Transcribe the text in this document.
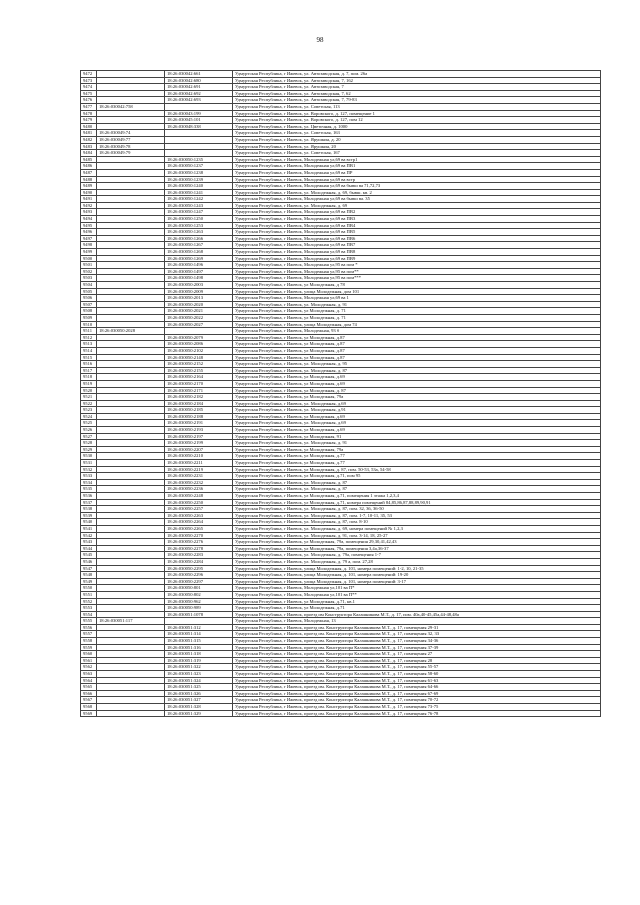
98
9472		18:26:030042:661	Удмуртская Республика, г Ижевск, ул. Автозаводская, д. 7, пом. 26а
9473		18:26:030042:680	Удмуртская Республика, г Ижевск, ул. Автозаводская, 7, 162
9474		18:26:030042:691	Удмуртская Республика, г Ижевск, ул. Автозаводская, 7
9475		18:26:030042:692	Удмуртская Республика, г Ижевск, ул. Автозаводская, 7, 62
9476		18:26:030042:693	Удмуртская Республика, г Ижевск, ул. Автозаводская, 7, 79-83
9477	18:26:030042:758		Удмуртская Республика, г Ижевск, ул. Советская, 113
9478		18:26:030043:199	Удмуртская Республика, г Ижевск, ул. Воровского, д. 127, помещение 1
9479		18:26:030045:101	Удмуртская Республика, г Ижевск, ул. Воровского, д. 127, пом 12
9480		18:26:030048:338	Удмуртская Республика, г Ижевск, ул. Цветочная, д. 1000
9481	18:26:030049:74		Удмуртская Республика, г Ижевск, ул. Советская, 163
9482	18:26:030049:77		Удмуртская Республика, г Ижевск, ул. Ярушкин, д. 20
9483	18:26:030049:78		Удмуртская Республика, г Ижевск, ул. Ярушкин, 20
9484	18:26:030049:79		Удмуртская Республика, г Ижевск, ул. Советская, 167
9485		18:26:030050:1235	Удмуртская Республика, г Ижевск, Молодежная ул,69 ва встр1
9486		18:26:030050:1237	Удмуртская Республика, г Ижевск, Молодежная ул,69 ва ПВ1
9487		18:26:030050:1238	Удмуртская Республика, г Ижевск, Молодежная ул,69 ва ПР
9488		18:26:030050:1239	Удмуртская Республика, г Ижевск, Молодежная ул,69 ва встр
9489		18:26:030050:1240	Удмуртская Республика, г Ижевск, Молодежная ул,69 ва бывш ва 71,72,73
9490		18:26:030050:1241	Удмуртская Республика, г Ижевск, ул. Молодежная, д. 69, бывш. кв. 2
9491		18:26:030050:1242	Удмуртская Республика, г Ижевск, Молодежная ул,69 ва бывш ва. 35
9492		18:26:030050:1243	Удмуртская Республика, г Ижевск, ул. Молодежная, д. 69
9493		18:26:030050:1247	Удмуртская Республика, г Ижевск, Молодежная ул,69 ва ПВ2
9494		18:26:030050:1250	Удмуртская Республика, г Ижевск, Молодежная ул,69 ва ПВ3
9495		18:26:030050:1253	Удмуртская Республика, г Ижевск, Молодежная ул,69 ва ПВ4
9496		18:26:030050:1263	Удмуртская Республика, г Ижевск, Молодежная ул,69 ва ПВ5
9497		18:26:030050:1266	Удмуртская Республика, г Ижевск, Молодежная ул,69 ва ПВ6
9498		18:26:030050:1267	Удмуртская Республика, г Ижевск, Молодежная ул,69 ва ПВ7
9499		18:26:030050:1268	Удмуртская Республика, г Ижевск, Молодежная ул,69 ва ПВ8
9500		18:26:030050:1269	Удмуртская Республика, г Ижевск, Молодежная ул,69 ва ПВ9
9501		18:26:030050:1496	Удмуртская Республика, г Ижевск, Молодежная ул,95 ва пом *
9502		18:26:030050:1497	Удмуртская Республика, г Ижевск, Молодежная ул,95 ва пом**
9503		18:26:030050:1498	Удмуртская Республика, г Ижевск, Молодежная ул,95 ва пом***
9504		18:26:030050:2003	Удмуртская Республика, г Ижевск, ул Молодежная, д 78
9505		18:26:030050:2009	Удмуртская Республика, г Ижевск, улица Молодежная, дом 101
9506		18:26:030050:2013	Удмуртская Республика, г Ижевск, Молодежная ул,69 ва 1
9507		18:26:030050:2020	Удмуртская Республика, г Ижевск, ул. Молодежная, д. 91
9508		18:26:030050:2021	Удмуртская Республика, г Ижевск, ул Молодежная, д. 71
9509		18:26:030050:2022	Удмуртская Республика, г Ижевск, ул Молодежная, д. 71
9510		18:26:030050:2027	Удмуртская Республика, г Ижевск, улица Молодежная, дом 74
9511	18:26:030050:2028		Удмуртская Республика, г Ижевск, Молодежная, 93 б
9512		18:26:030050:2079	Удмуртская Республика, г Ижевск, ул Молодежная, д.87
9513		18:26:030050:2086	Удмуртская Республика, г Ижевск, ул Молодежная, д.87
9514		18:26:030050:2102	Удмуртская Республика, г Ижевск, ул Молодежная, д.87
9515		18:26:030050:2148	Удмуртская Республика, г Ижевск, ул Молодежная, д.87
9516		18:26:030050:2152	Удмуртская Республика, г Ижевск, ул. Молодежная, д. 95
9517		18:26:030050:2155	Удмуртская Республика, г Ижевск, ул. Молодежная, д. 87
9518		18:26:030050:2164	Удмуртская Республика, г Ижевск, ул Молодежная, д.69
9519		18:26:030050:2170	Удмуртская Республика, г Ижевск, ул Молодежная, д.69
9520		18:26:030050:2171	Удмуртская Республика, г Ижевск, ул Молодежная, д. 87
9521		18:26:030050:2182	Удмуртская Республика, г Ижевск, ул Молодежная, 79а
9522		18:26:030050:2184	Удмуртская Республика, г Ижевск, ул. Молодежная, д.69
9523		18:26:030050:2185	Удмуртская Республика, г Ижевск, ул. Молодежная, д.91
9524		18:26:030050:2188	Удмуртская Республика, г Ижевск, ул Молодежная, д.69
9525		18:26:030050:2191	Удмуртская Республика, г Ижевск, ул. Молодежная, д.69
9526		18:26:030050:2193	Удмуртская Республика, г Ижевск, ул Молодежная, д.69
9527		18:26:030050:2197	Удмуртская Республика, г Ижевск, ул Молодежная, 91
9528		18:26:030050:2199	Удмуртская Республика, г Ижевск, ул. Молодежная, д. 91
9529		18:26:030050:2207	Удмуртская Республика, г Ижевск, ул Молодежная, 79а
9530		18:26:030050:2210	Удмуртская Республика, г Ижевск, ул Молодежная, д.77
9531		18:26:030050:2211	Удмуртская Республика, г Ижевск, ул Молодежная, д.77
9532		18:26:030050:2219	Удмуртская Республика, г Ижевск, ул Молодежная, д. 87, пом. 50-53, 53а, 54-58
9533		18:26:030050:2231	Удмуртская Республика, г Ижевск, ул Молодежная, д.71, пом 95
9534		18:26:030050:2232	Удмуртская Республика, г Ижевск, ул. Молодежная, д. 87
9535		18:26:030050:2236	Удмуртская Республика, г Ижевск, ул. Молодежная, д. 87
9536		18:26:030050:2248	Удмуртская Республика, г Ижевск, ул Молодежная, д.71, помещения 1 этажа 1,2,3,4
9537		18:26:030050:2250	Удмуртская Республика, г Ижевск, ул Молодежная, д.71, номера помещений 84,85,86,87,88,89,90,91
9538		18:26:030050:2257	Удмуртская Республика, г Ижевск, ул. Молодежная, д. 87, пом. 32, 36, 36-50
9539		18:26:030050:2263	Удмуртская Республика, г Ижевск, ул. Молодежная, д. 87, пом. 1-7, 10-11, 35, 53
9540		18:26:030050:2264	Удмуртская Республика, г Ижевск, ул. Молодежная, д. 87, пом. 8-10
9541		18:26:030050:2265	Удмуртская Республика, г Ижевск, ул. Молодежная, д. 69, номера помещений № 1,2,3
9542		18:26:030050:2270	Удмуртская Республика, г Ижевск, ул. Молодежная, д. 91, пом. 3-14, 18, 25-27
9543		18:26:030050:2276	Удмуртская Республика, г Ижевск, ул Молодежная, 79а, помещения 29,30,41,42,43
9544		18:26:030050:2278	Удмуртская Республика, г Ижевск, ул Молодежная, 79а, помещения 3,4а,36-37
9545		18:26:030050:2283	Удмуртская Республика, г Ижевск, ул. Молодежная, д. 79а, помещения 1-7
9546		18:26:030050:2284	Удмуртская Республика, г Ижевск, ул. Молодежная, д. 79 а, пом. 27,28
9547		18:26:030050:2295	Удмуртская Республика, г Ижевск, улица Молодежная, д. 101, номера помещений: 1-2, 10, 21-35
9548		18:26:030050:2296	Удмуртская Республика, г Ижевск, улица Молодежная, д. 101, номера помещений: 19-20
9549		18:26:030050:2297	Удмуртская Республика, г Ижевск, улица Молодежная, д. 101, номера помещений: 3-17
9550		18:26:030050:801	Удмуртская Республика, г Ижевск, Молодежная ул,101 ва П*
9551		18:26:030050:802	Удмуртская Республика, г Ижевск, Молодежная ул,101 ва П**
9552		18:26:030050:962	Удмуртская Республика, г Ижевск, ул Молодежная, д.71, кв.1
9553		18:26:030050:989	Удмуртская Республика, г Ижевск, ул Молодежная, д.71
9554		18:26:030051:1078	Удмуртская Республика, г Ижевск, проезд им Конструктора Калашникова М.Т., д. 17, пом. 40а,40-45,45а,44-48,48а
9555	18:26:030051:117		Удмуртская Республика, г Ижевск, Молодежная, 13
9556		18:26:030051:312	Удмуртская Республика, г Ижевск, проезд им. Конструктора Калашникова М.Т., д. 17, помещения 29-31
9557		18:26:030051:314	Удмуртская Республика, г Ижевск, проезд им. Конструктора Калашникова М.Т., д. 17, помещения 32, 33
9558		18:26:030051:315	Удмуртская Республика, г Ижевск, проезд им. Конструктора Калашникова М.Т., д. 17, помещения 34-36
9559		18:26:030051:316	Удмуртская Республика, г Ижевск, проезд им. Конструктора Калашникова М.Т., д. 17, помещения 37-39
9560		18:26:030051:318	Удмуртская Республика, г Ижевск, проезд им. Конструктора Калашникова М.Т., д. 17, помещения 27
9561		18:26:030051:319	Удмуртская Республика, г Ижевск, проезд им. Конструктора Калашникова М.Т., д. 17, помещения 28
9562		18:26:030051:322	Удмуртская Республика, г Ижевск, проезд им. Конструктора Калашникова М.Т., д. 17, помещения 55-57
9563		18:26:030051:323	Удмуртская Республика, г Ижевск, проезд им. Конструктора Калашникова М.Т., д. 17, помещения 58-60
9564		18:26:030051:324	Удмуртская Республика, г Ижевск, проезд им. Конструктора Калашникова М.Т., д. 17, помещения 61-63
9565		18:26:030051:325	Удмуртская Республика, г Ижевск, проезд им. Конструктора Калашникова М.Т., д. 17, помещения 64-66
9566		18:26:030051:326	Удмуртская Республика, г Ижевск, проезд им. Конструктора Калашникова М.Т., д. 17, помещения 67-69
9567		18:26:030051:327	Удмуртская Республика, г Ижевск, проезд им. Конструктора Калашникова М.Т., д. 17, помещения 70-72
9568		18:26:030051:328	Удмуртская Республика, г Ижевск, проезд им. Конструктора Калашникова М.Т., д. 17, помещения 73-75
9569		18:26:030051:329	Удмуртская Республика, г Ижевск, проезд им. Конструктора Калашникова М.Т., д. 17, помещения 76-78
